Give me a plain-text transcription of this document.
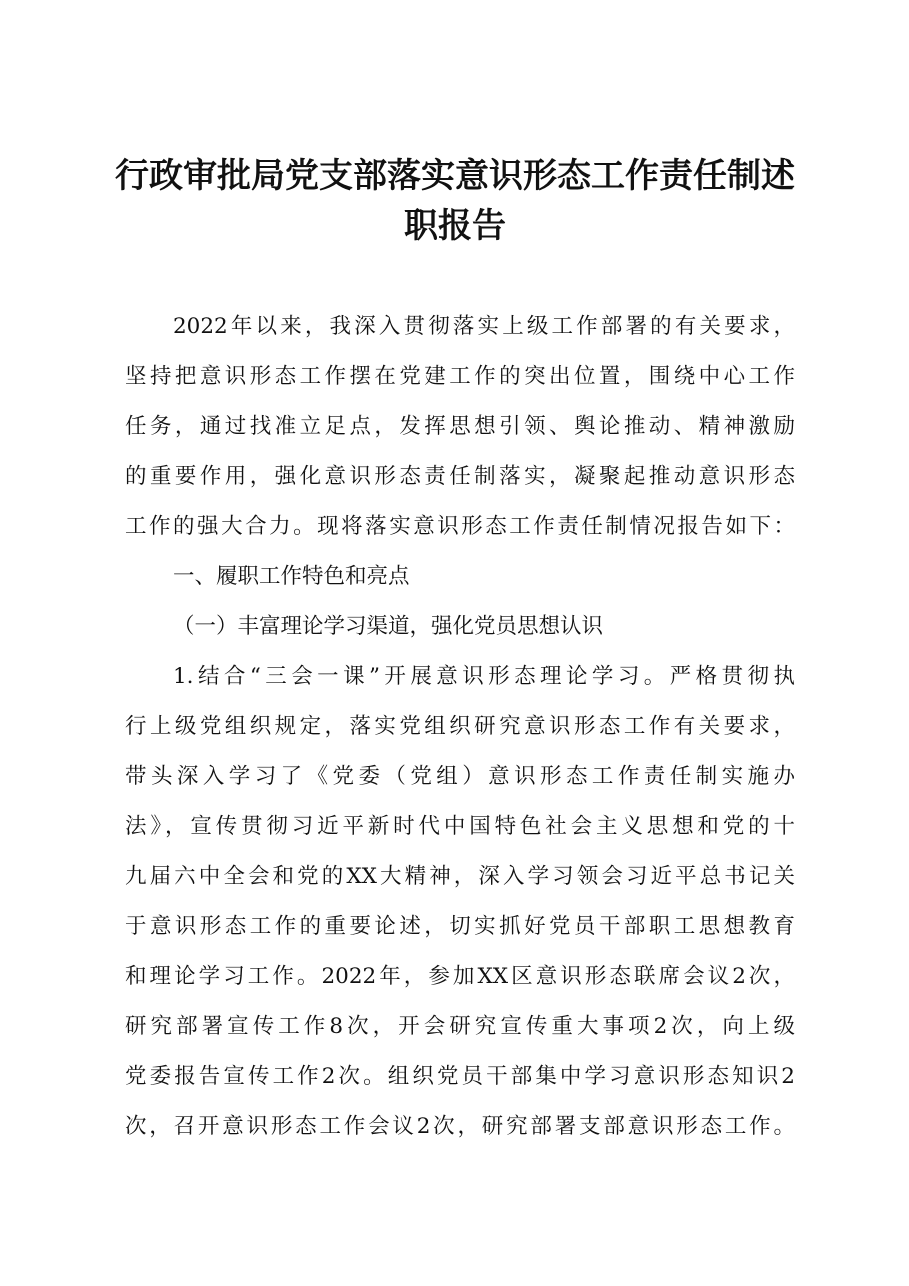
行政审批局党支部落实意识形态工作责任制述
职报告
2022年以来，我深入贯彻落实上级工作部署的有关要求，
坚持把意识形态工作摆在党建工作的突出位置，围绕中心工作
任务，通过找准立足点，发挥思想引领、舆论推动、精神激励
的重要作用，强化意识形态责任制落实，凝聚起推动意识形态
工作的强大合力。现将落实意识形态工作责任制情况报告如下：
一、履职工作特色和亮点
（一）丰富理论学习渠道，强化党员思想认识
1.结合“三会一课”开展意识形态理论学习。严格贯彻执
行上级党组织规定，落实党组织研究意识形态工作有关要求，
带头深入学习了《党委（党组）意识形态工作责任制实施办
法》，宣传贯彻习近平新时代中国特色社会主义思想和党的十
九届六中全会和党的XX大精神，深入学习领会习近平总书记关
于意识形态工作的重要论述，切实抓好党员干部职工思想教育
和理论学习工作。2022年，参加XX区意识形态联席会议2次，
研究部署宣传工作8次，开会研究宣传重大事项2次，向上级
党委报告宣传工作2次。组织党员干部集中学习意识形态知识2
次，召开意识形态工作会议2次，研究部署支部意识形态工作。
